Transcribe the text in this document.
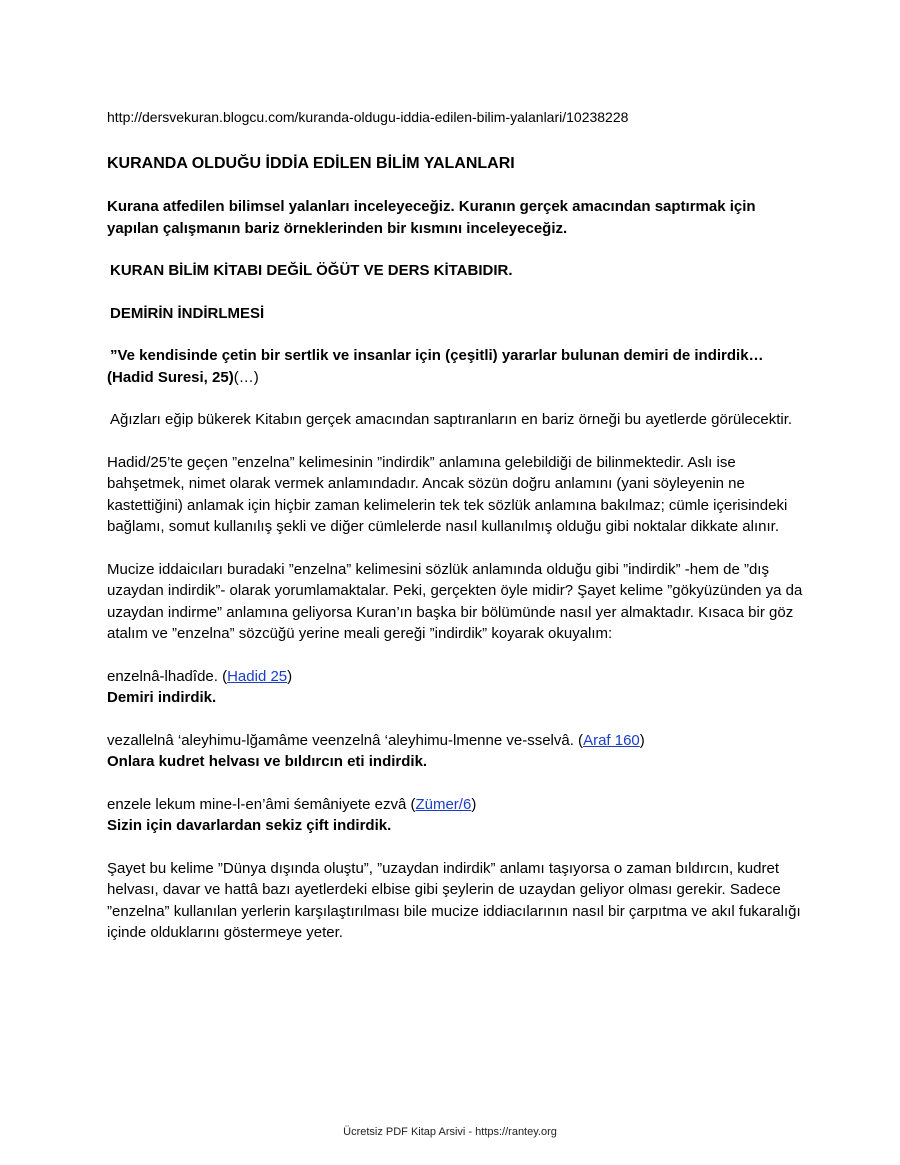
http://dersvekuran.blogcu.com/kuranda-oldugu-iddia-edilen-bilim-yalanlari/10238228

KURANDA OLDUĞU İDDİA EDİLEN BİLİM YALANLARI

Kurana atfedilen bilimsel yalanları inceleyeceğiz. Kuranın gerçek amacından saptırmak için yapılan çalışmanın bariz örneklerinden bir kısmını inceleyeceğiz.

KURAN BİLİM KİTABI DEĞİL ÖĞÜT VE DERS KİTABIDIR.

DEMİRİN İNDİRLMESİ

”Ve kendisinde çetin bir sertlik ve insanlar için (çeşitli) yararlar bulunan demiri de indirdik… (Hadid Suresi, 25)(…)

Ağızları eğip bükerek Kitabın gerçek amacından saptıranların en bariz örneği bu ayetlerde görülecektir.

Hadid/25’te geçen ”enzelna” kelimesinin ”indirdik” anlamına gelebildiği de bilinmektedir. Aslı ise bahşetmek, nimet olarak vermek anlamındadır. Ancak sözün doğru anlamını (yani söyleyenin ne kastettiğini) anlamak için hiçbir zaman kelimelerin tek tek sözlük anlamına bakılmaz; cümle içerisindeki bağlamı, somut kullanılış şekli ve diğer cümlelerde nasıl kullanılmış olduğu gibi noktalar dikkate alınır.

Mucize iddaicıları buradaki ”enzelna” kelimesini sözlük anlamında olduğu gibi ”indirdik” -hem de ”dış uzaydan indirdik”- olarak yorumlamaktalar. Peki, gerçekten öyle midir? Şayet kelime ”gökyüzünden ya da uzaydan indirme” anlamına geliyorsa Kuran’ın başka bir bölümünde nasıl yer almaktadır. Kısaca bir göz atalım ve ”enzelna” sözcüğü yerine meali gereği ”indirdik” koyarak okuyalım:

enzelnâ-lhadîde. (Hadid 25)
Demiri indirdik.

vezallelnâ ‘aleyhimu-lğamâme veenzelnâ ‘aleyhimu-lmenne ve-sselvâ. (Araf 160)
Onlara kudret helvası ve bıldırcın eti indirdik.

enzele lekum mine-l-en’âmi śemâniyete ezvâ (Zümer/6)
Sizin için davarlardan sekiz çift indirdik.

Şayet bu kelime ”Dünya dışında oluştu”, ”uzaydan indirdik” anlamı taşıyorsa o zaman bıldırcın, kudret helvası, davar ve hattâ bazı ayetlerdeki elbise gibi şeylerin de uzaydan geliyor olması gerekir. Sadece ”enzelna” kullanılan yerlerin karşılaştırılması bile mucize iddiacılarının nasıl bir çarpıtma ve akıl fukaralığı içinde olduklarını göstermeye yeter.

Ücretsiz PDF Kitap Arsivi - https://rantey.org
